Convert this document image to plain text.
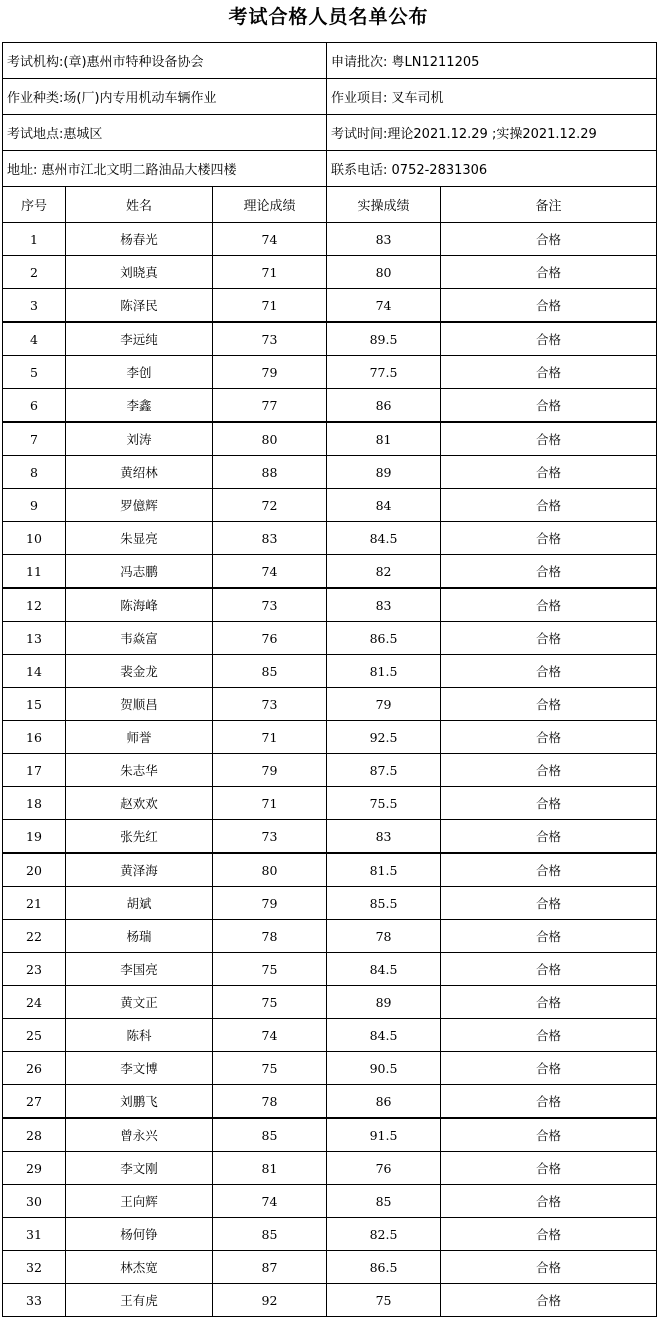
考试合格人员名单公布
考试机构:(章)惠州市特种设备协会			申请批次: 粤LN1211205	
作业种类:场(厂)内专用机动车辆作业			作业项目: 叉车司机	
考试地点:惠城区			考试时间:理论2021.12.29 ;实操2021.12.29	
地址: 惠州市江北文明二路油品大楼四楼			联系电话: 0752-2831306	
序号	姓名	理论成绩	实操成绩	备注
1	杨春光	74	83	合格
2	刘晓真	71	80	合格
3	陈泽民	71	74	合格
4	李远纯	73	89.5	合格
5	李创	79	77.5	合格
6	李鑫	77	86	合格
7	刘涛	80	81	合格
8	黄绍林	88	89	合格
9	罗億辉	72	84	合格
10	朱显亮	83	84.5	合格
11	冯志鹏	74	82	合格
12	陈海峰	73	83	合格
13	韦焱富	76	86.5	合格
14	裴金龙	85	81.5	合格
15	贺顺昌	73	79	合格
16	师誉	71	92.5	合格
17	朱志华	79	87.5	合格
18	赵欢欢	71	75.5	合格
19	张先红	73	83	合格
20	黄泽海	80	81.5	合格
21	胡斌	79	85.5	合格
22	杨瑞	78	78	合格
23	李国亮	75	84.5	合格
24	黄文正	75	89	合格
25	陈科	74	84.5	合格
26	李文博	75	90.5	合格
27	刘鹏飞	78	86	合格
28	曾永兴	85	91.5	合格
29	李文刚	81	76	合格
30	王向辉	74	85	合格
31	杨何铮	85	82.5	合格
32	林杰宽	87	86.5	合格
33	王有虎	92	75	合格
